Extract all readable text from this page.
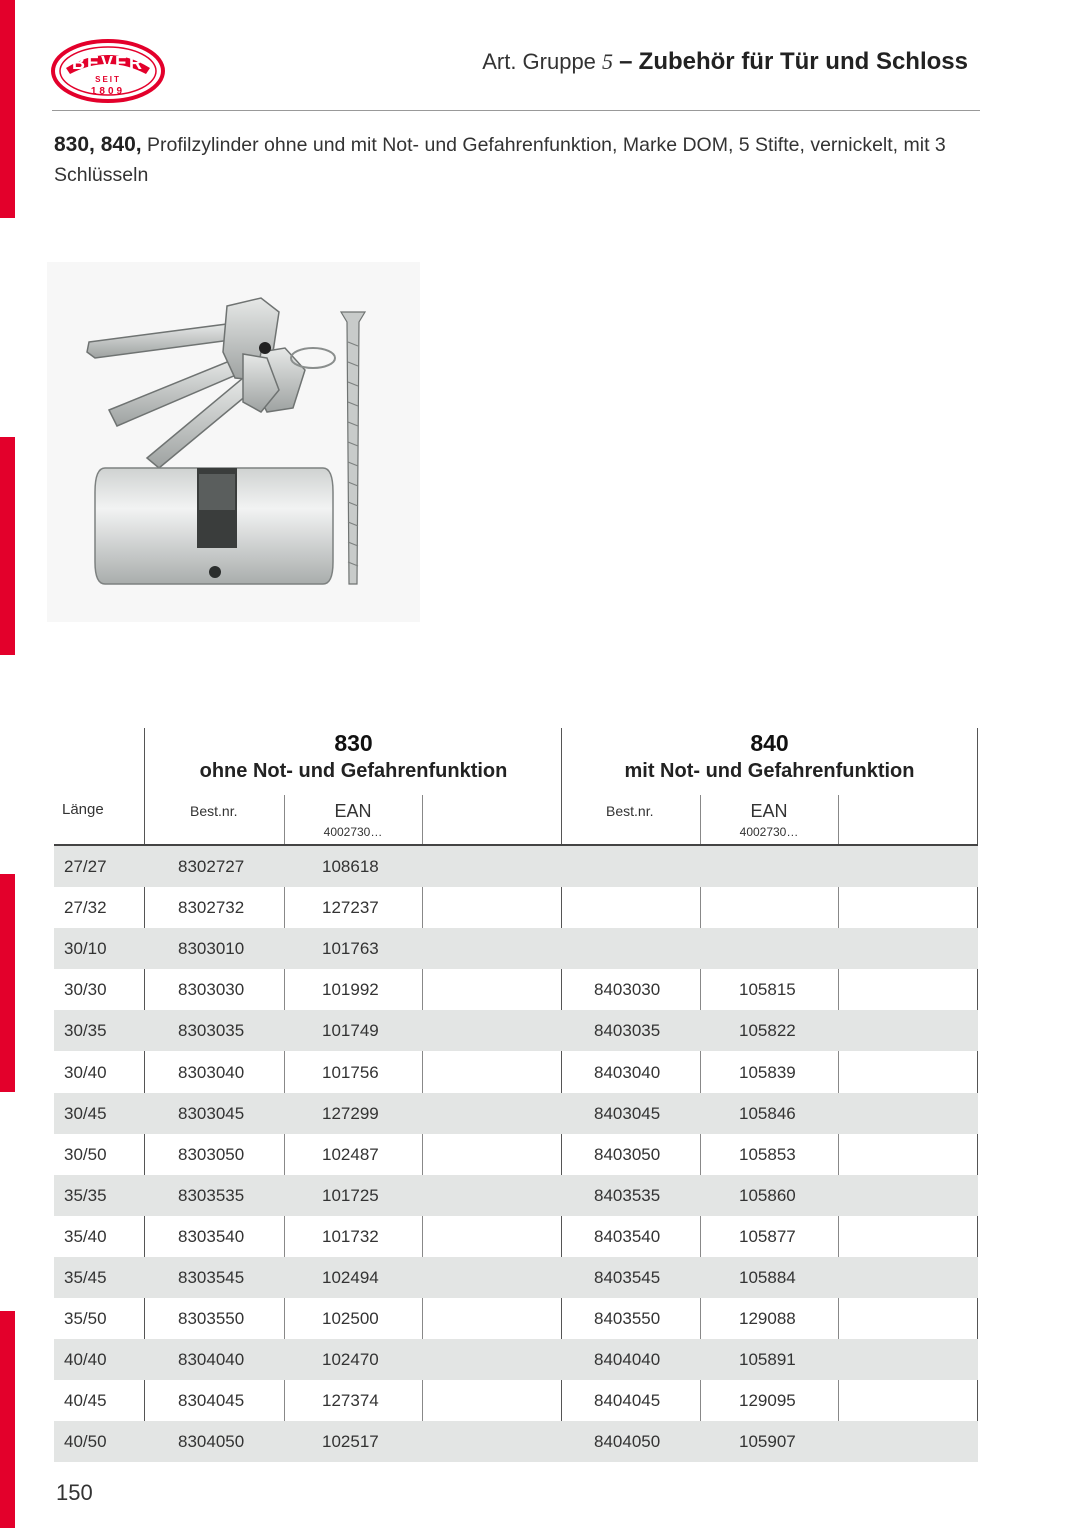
BEVER
SEIT
1809
Art. Gruppe 5 – Zubehör für Tür und Schloss
830, 840, Profilzylinder ohne und mit Not- und Gefahrenfunktion, Marke DOM, 5 Stifte, vernickelt, mit 3 Schlüsseln
830
ohne Not- und Gefahrenfunktion
840
mit Not- und Gefahrenfunktion
Länge	Best.nr.	EAN
4002730…
Best.nr.	EAN
4002730…
27/27	8302727	108618
27/32	8302732	127237
30/10	8303010	101763
30/30	8303030	101992	8403030	105815
30/35	8303035	101749	8403035	105822
30/40	8303040	101756	8403040	105839
30/45	8303045	127299	8403045	105846
30/50	8303050	102487	8403050	105853
35/35	8303535	101725	8403535	105860
35/40	8303540	101732	8403540	105877
35/45	8303545	102494	8403545	105884
35/50	8303550	102500	8403550	129088
40/40	8304040	102470	8404040	105891
40/45	8304045	127374	8404045	129095
40/50	8304050	102517	8404050	105907
150
